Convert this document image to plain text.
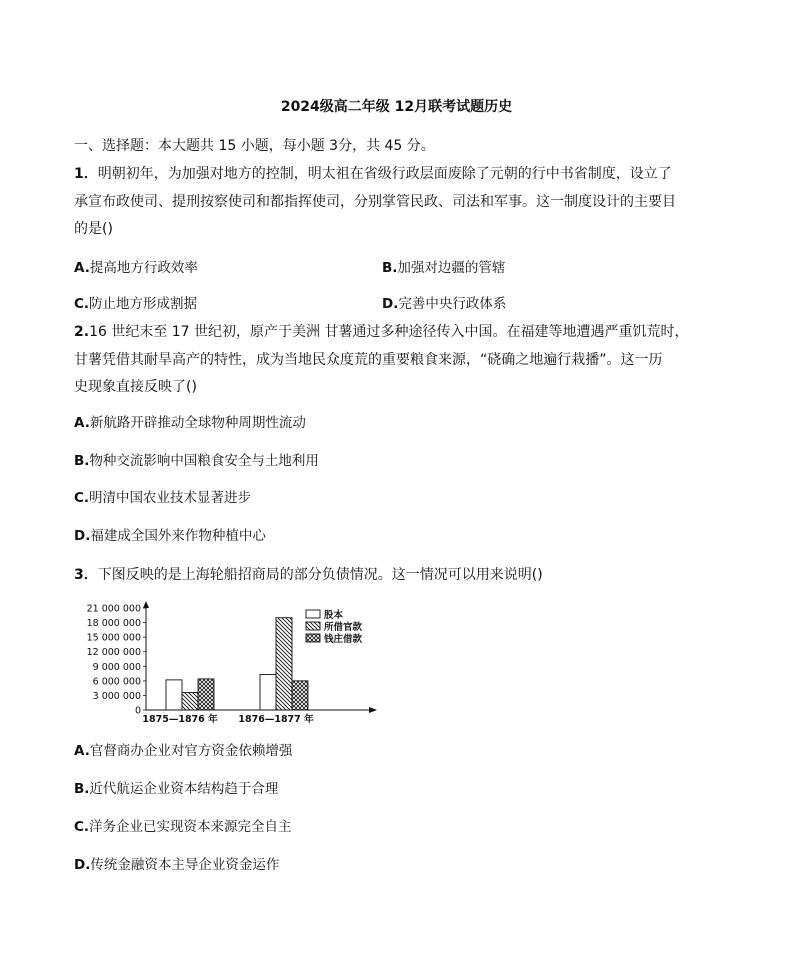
2024级高二年级 12月联考试题历史
一、选择题：本大题共 15 小题，每小题 3分，共 45 分。
1．明朝初年，为加强对地方的控制，明太祖在省级行政层面废除了元朝的行中书省制度，设立了
承宣布政使司、提刑按察使司和都指挥使司，分别掌管民政、司法和军事。这一制度设计的主要目
的是()
A.提高地方行政效率	B.加强对边疆的管辖
C.防止地方形成割据	D.完善中央行政体系
2.16 世纪末至 17 世纪初，原产于美洲 甘薯通过多种途径传入中国。在福建等地遭遇严重饥荒时，
甘薯凭借其耐旱高产的特性，成为当地民众度荒的重要粮食来源，“硗确之地遍行栽播”。这一历
史现象直接反映了()
A.新航路开辟推动全球物种周期性流动
B.物种交流影响中国粮食安全与土地利用
C.明清中国农业技术显著进步
D.福建成全国外来作物种植中心
3．下图反映的是上海轮船招商局的部分负债情况。这一情况可以用来说明()
21 000 000
18 000 000
15 000 000
12 000 000
9 000 000
6 000 000
3 000 000
0
1875—1876 年 1876—1877 年
股本
所借官款
钱庄借款
A.官督商办企业对官方资金依赖增强
B.近代航运企业资本结构趋于合理
C.洋务企业已实现资本来源完全自主
D.传统金融资本主导企业资金运作
